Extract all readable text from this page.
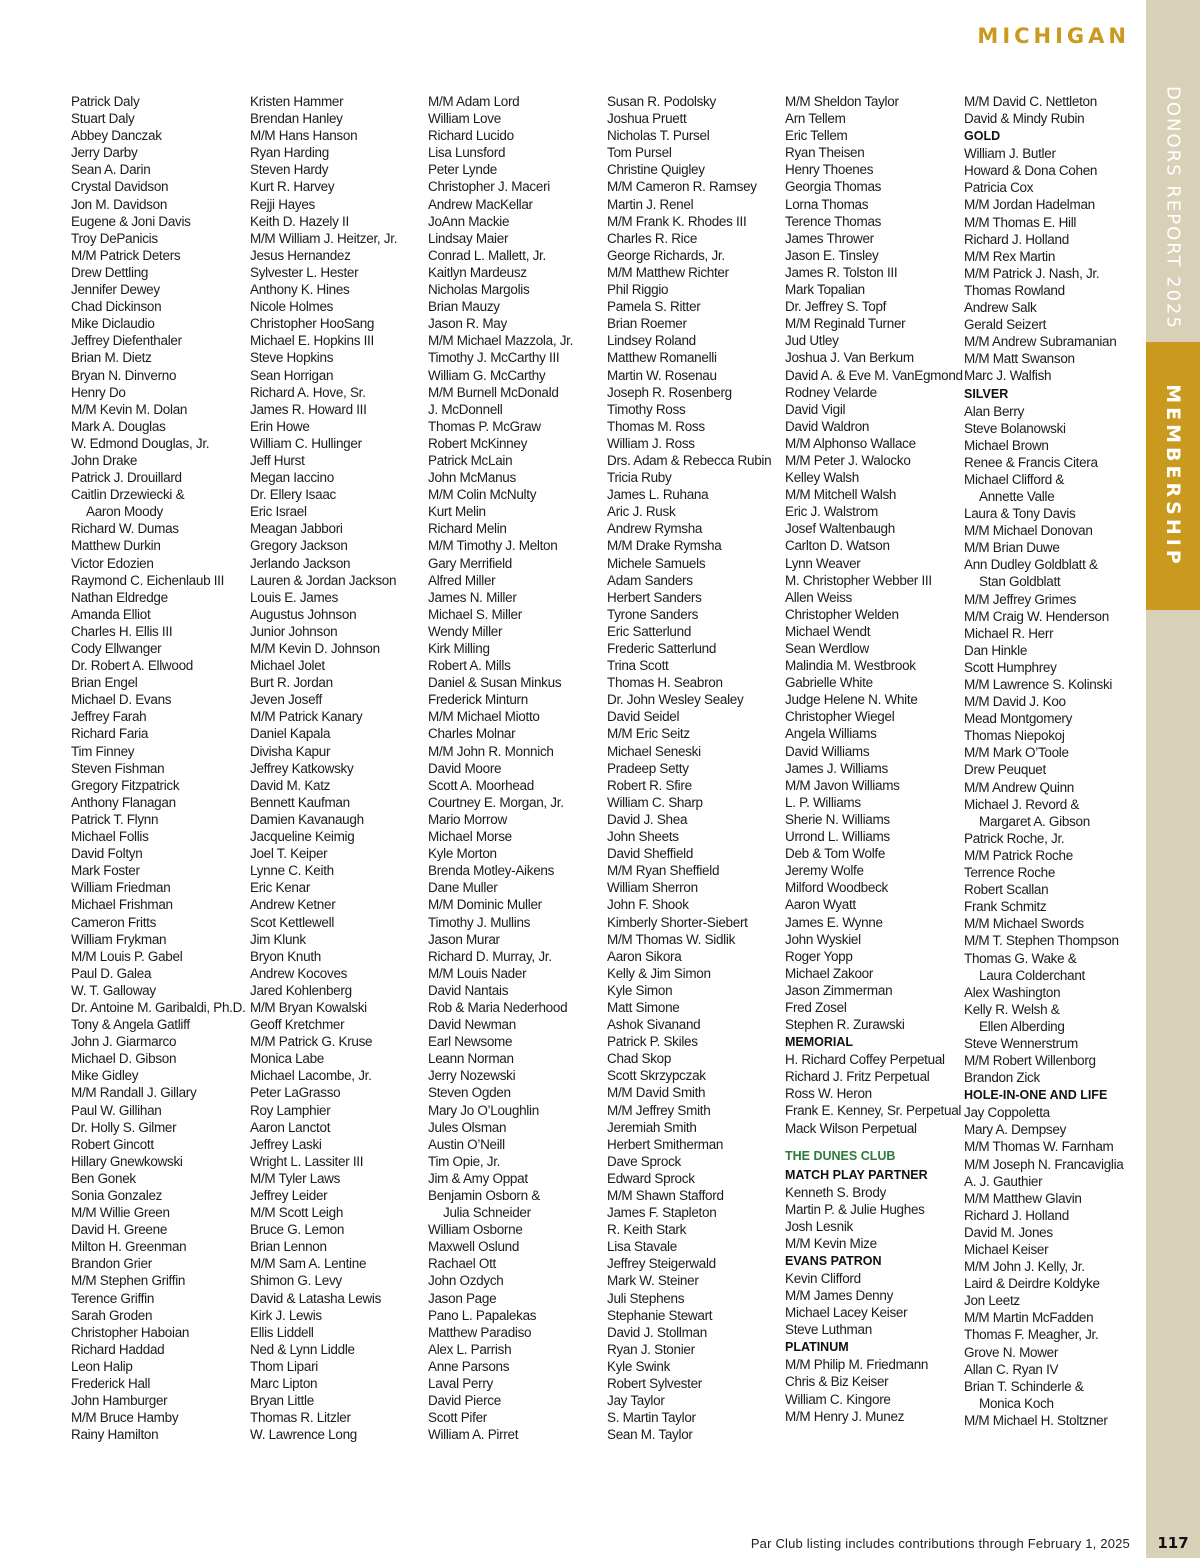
DONORS REPORT 2025
MEMBERSHIP
MICHIGAN
Patrick Daly
Stuart Daly
Abbey Danczak
Jerry Darby
Sean A. Darin
Crystal Davidson
Jon M. Davidson
Eugene & Joni Davis
Troy DePanicis
M/M Patrick Deters
Drew Dettling
Jennifer Dewey
Chad Dickinson
Mike Diclaudio
Jeffrey Diefenthaler
Brian M. Dietz
Bryan N. Dinverno
Henry Do
M/M Kevin M. Dolan
Mark A. Douglas
W. Edmond Douglas, Jr.
John Drake
Patrick J. Drouillard
Caitlin Drzewiecki &
Aaron Moody
Richard W. Dumas
Matthew Durkin
Victor Edozien
Raymond C. Eichenlaub III
Nathan Eldredge
Amanda Elliot
Charles H. Ellis III
Cody Ellwanger
Dr. Robert A. Ellwood
Brian Engel
Michael D. Evans
Jeffrey Farah
Richard Faria
Tim Finney
Steven Fishman
Gregory Fitzpatrick
Anthony Flanagan
Patrick T. Flynn
Michael Follis
David Foltyn
Mark Foster
William Friedman
Michael Frishman
Cameron Fritts
William Frykman
M/M Louis P. Gabel
Paul D. Galea
W. T. Galloway
Dr. Antoine M. Garibaldi, Ph.D.
Tony & Angela Gatliff
John J. Giarmarco
Michael D. Gibson
Mike Gidley
M/M Randall J. Gillary
Paul W. Gillihan
Dr. Holly S. Gilmer
Robert Gincott
Hillary Gnewkowski
Ben Gonek
Sonia Gonzalez
M/M Willie Green
David H. Greene
Milton H. Greenman
Brandon Grier
M/M Stephen Griffin
Terence Griffin
Sarah Groden
Christopher Haboian
Richard Haddad
Leon Halip
Frederick Hall
John Hamburger
M/M Bruce Hamby
Rainy Hamilton
Kristen Hammer
Brendan Hanley
M/M Hans Hanson
Ryan Harding
Steven Hardy
Kurt R. Harvey
Rejji Hayes
Keith D. Hazely II
M/M William J. Heitzer, Jr.
Jesus Hernandez
Sylvester L. Hester
Anthony K. Hines
Nicole Holmes
Christopher HooSang
Michael E. Hopkins III
Steve Hopkins
Sean Horrigan
Richard A. Hove, Sr.
James R. Howard III
Erin Howe
William C. Hullinger
Jeff Hurst
Megan Iaccino
Dr. Ellery Isaac
Eric Israel
Meagan Jabbori
Gregory Jackson
Jerlando Jackson
Lauren & Jordan Jackson
Louis E. James
Augustus Johnson
Junior Johnson
M/M Kevin D. Johnson
Michael Jolet
Burt R. Jordan
Jeven Joseff
M/M Patrick Kanary
Daniel Kapala
Divisha Kapur
Jeffrey Katkowsky
David M. Katz
Bennett Kaufman
Damien Kavanaugh
Jacqueline Keimig
Joel T. Keiper
Lynne C. Keith
Eric Kenar
Andrew Ketner
Scot Kettlewell
Jim Klunk
Bryon Knuth
Andrew Kocoves
Jared Kohlenberg
M/M Bryan Kowalski
Geoff Kretchmer
M/M Patrick G. Kruse
Monica Labe
Michael Lacombe, Jr.
Peter LaGrasso
Roy Lamphier
Aaron Lanctot
Jeffrey Laski
Wright L. Lassiter III
M/M Tyler Laws
Jeffrey Leider
M/M Scott Leigh
Bruce G. Lemon
Brian Lennon
M/M Sam A. Lentine
Shimon G. Levy
David & Latasha Lewis
Kirk J. Lewis
Ellis Liddell
Ned & Lynn Liddle
Thom Lipari
Marc Lipton
Bryan Little
Thomas R. Litzler
W. Lawrence Long
M/M Adam Lord
William Love
Richard Lucido
Lisa Lunsford
Peter Lynde
Christopher J. Maceri
Andrew MacKellar
JoAnn Mackie
Lindsay Maier
Conrad L. Mallett, Jr.
Kaitlyn Mardeusz
Nicholas Margolis
Brian Mauzy
Jason R. May
M/M Michael Mazzola, Jr.
Timothy J. McCarthy III
William G. McCarthy
M/M Burnell McDonald
J. McDonnell
Thomas P. McGraw
Robert McKinney
Patrick McLain
John McManus
M/M Colin McNulty
Kurt Melin
Richard Melin
M/M Timothy J. Melton
Gary Merrifield
Alfred Miller
James N. Miller
Michael S. Miller
Wendy Miller
Kirk Milling
Robert A. Mills
Daniel & Susan Minkus
Frederick Minturn
M/M Michael Miotto
Charles Molnar
M/M John R. Monnich
David Moore
Scott A. Moorhead
Courtney E. Morgan, Jr.
Mario Morrow
Michael Morse
Kyle Morton
Brenda Motley-Aikens
Dane Muller
M/M Dominic Muller
Timothy J. Mullins
Jason Murar
Richard D. Murray, Jr.
M/M Louis Nader
David Nantais
Rob & Maria Nederhood
David Newman
Earl Newsome
Leann Norman
Jerry Nozewski
Steven Ogden
Mary Jo O’Loughlin
Jules Olsman
Austin O’Neill
Tim Opie, Jr.
Jim & Amy Oppat
Benjamin Osborn &
Julia Schneider
William Osborne
Maxwell Oslund
Rachael Ott
John Ozdych
Jason Page
Pano L. Papalekas
Matthew Paradiso
Alex L. Parrish
Anne Parsons
Laval Perry
David Pierce
Scott Pifer
William A. Pirret
Susan R. Podolsky
Joshua Pruett
Nicholas T. Pursel
Tom Pursel
Christine Quigley
M/M Cameron R. Ramsey
Martin J. Renel
M/M Frank K. Rhodes III
Charles R. Rice
George Richards, Jr.
M/M Matthew Richter
Phil Riggio
Pamela S. Ritter
Brian Roemer
Lindsey Roland
Matthew Romanelli
Martin W. Rosenau
Joseph R. Rosenberg
Timothy Ross
Thomas M. Ross
William J. Ross
Drs. Adam & Rebecca Rubin
Tricia Ruby
James L. Ruhana
Aric J. Rusk
Andrew Rymsha
M/M Drake Rymsha
Michele Samuels
Adam Sanders
Herbert Sanders
Tyrone Sanders
Eric Satterlund
Frederic Satterlund
Trina Scott
Thomas H. Seabron
Dr. John Wesley Sealey
David Seidel
M/M Eric Seitz
Michael Seneski
Pradeep Setty
Robert R. Sfire
William C. Sharp
David J. Shea
John Sheets
David Sheffield
M/M Ryan Sheffield
William Sherron
John F. Shook
Kimberly Shorter-Siebert
M/M Thomas W. Sidlik
Aaron Sikora
Kelly & Jim Simon
Kyle Simon
Matt Simone
Ashok Sivanand
Patrick P. Skiles
Chad Skop
Scott Skrzypczak
M/M David Smith
M/M Jeffrey Smith
Jeremiah Smith
Herbert Smitherman
Dave Sprock
Edward Sprock
M/M Shawn Stafford
James F. Stapleton
R. Keith Stark
Lisa Stavale
Jeffrey Steigerwald
Mark W. Steiner
Juli Stephens
Stephanie Stewart
David J. Stollman
Ryan J. Stonier
Kyle Swink
Robert Sylvester
Jay Taylor
S. Martin Taylor
Sean M. Taylor
M/M Sheldon Taylor
Arn Tellem
Eric Tellem
Ryan Theisen
Henry Thoenes
Georgia Thomas
Lorna Thomas
Terence Thomas
James Thrower
Jason E. Tinsley
James R. Tolston III
Mark Topalian
Dr. Jeffrey S. Topf
M/M Reginald Turner
Jud Utley
Joshua J. Van Berkum
David A. & Eve M. VanEgmond
Rodney Velarde
David Vigil
David Waldron
M/M Alphonso Wallace
M/M Peter J. Walocko
Kelley Walsh
M/M Mitchell Walsh
Eric J. Walstrom
Josef Waltenbaugh
Carlton D. Watson
Lynn Weaver
M. Christopher Webber III
Allen Weiss
Christopher Welden
Michael Wendt
Sean Werdlow
Malindia M. Westbrook
Gabrielle White
Judge Helene N. White
Christopher Wiegel
Angela Williams
David Williams
James J. Williams
M/M Javon Williams
L. P. Williams
Sherie N. Williams
Urrond L. Williams
Deb & Tom Wolfe
Jeremy Wolfe
Milford Woodbeck
Aaron Wyatt
James E. Wynne
John Wyskiel
Roger Yopp
Michael Zakoor
Jason Zimmerman
Fred Zosel
Stephen R. Zurawski
MEMORIAL
H. Richard Coffey Perpetual
Richard J. Fritz Perpetual
Ross W. Heron
Frank E. Kenney, Sr. Perpetual
Mack Wilson Perpetual
THE DUNES CLUB
MATCH PLAY PARTNER
Kenneth S. Brody
Martin P. & Julie Hughes
Josh Lesnik
M/M Kevin Mize
EVANS PATRON
Kevin Clifford
M/M James Denny
Michael Lacey Keiser
Steve Luthman
PLATINUM
M/M Philip M. Friedmann
Chris & Biz Keiser
William C. Kingore
M/M Henry J. Munez
M/M David C. Nettleton
David & Mindy Rubin
GOLD
William J. Butler
Howard & Dona Cohen
Patricia Cox
M/M Jordan Hadelman
M/M Thomas E. Hill
Richard J. Holland
M/M Rex Martin
M/M Patrick J. Nash, Jr.
Thomas Rowland
Andrew Salk
Gerald Seizert
M/M Andrew Subramanian
M/M Matt Swanson
Marc J. Walfish
SILVER
Alan Berry
Steve Bolanowski
Michael Brown
Renee & Francis Citera
Michael Clifford &
Annette Valle
Laura & Tony Davis
M/M Michael Donovan
M/M Brian Duwe
Ann Dudley Goldblatt &
Stan Goldblatt
M/M Jeffrey Grimes
M/M Craig W. Henderson
Michael R. Herr
Dan Hinkle
Scott Humphrey
M/M Lawrence S. Kolinski
M/M David J. Koo
Mead Montgomery
Thomas Niepokoj
M/M Mark O’Toole
Drew Peuquet
M/M Andrew Quinn
Michael J. Revord &
Margaret A. Gibson
Patrick Roche, Jr.
M/M Patrick Roche
Terrence Roche
Robert Scallan
Frank Schmitz
M/M Michael Swords
M/M T. Stephen Thompson
Thomas G. Wake &
Laura Colderchant
Alex Washington
Kelly R. Welsh &
Ellen Alberding
Steve Wennerstrum
M/M Robert Willenborg
Brandon Zick
HOLE-IN-ONE AND LIFE
Jay Coppoletta
Mary A. Dempsey
M/M Thomas W. Farnham
M/M Joseph N. Francaviglia
A. J. Gauthier
M/M Matthew Glavin
Richard J. Holland
David M. Jones
Michael Keiser
M/M John J. Kelly, Jr.
Laird & Deirdre Koldyke
Jon Leetz
M/M Martin McFadden
Thomas F. Meagher, Jr.
Grove N. Mower
Allan C. Ryan IV
Brian T. Schinderle &
Monica Koch
M/M Michael H. Stoltzner
Par Club listing includes contributions through February 1, 2025	117
